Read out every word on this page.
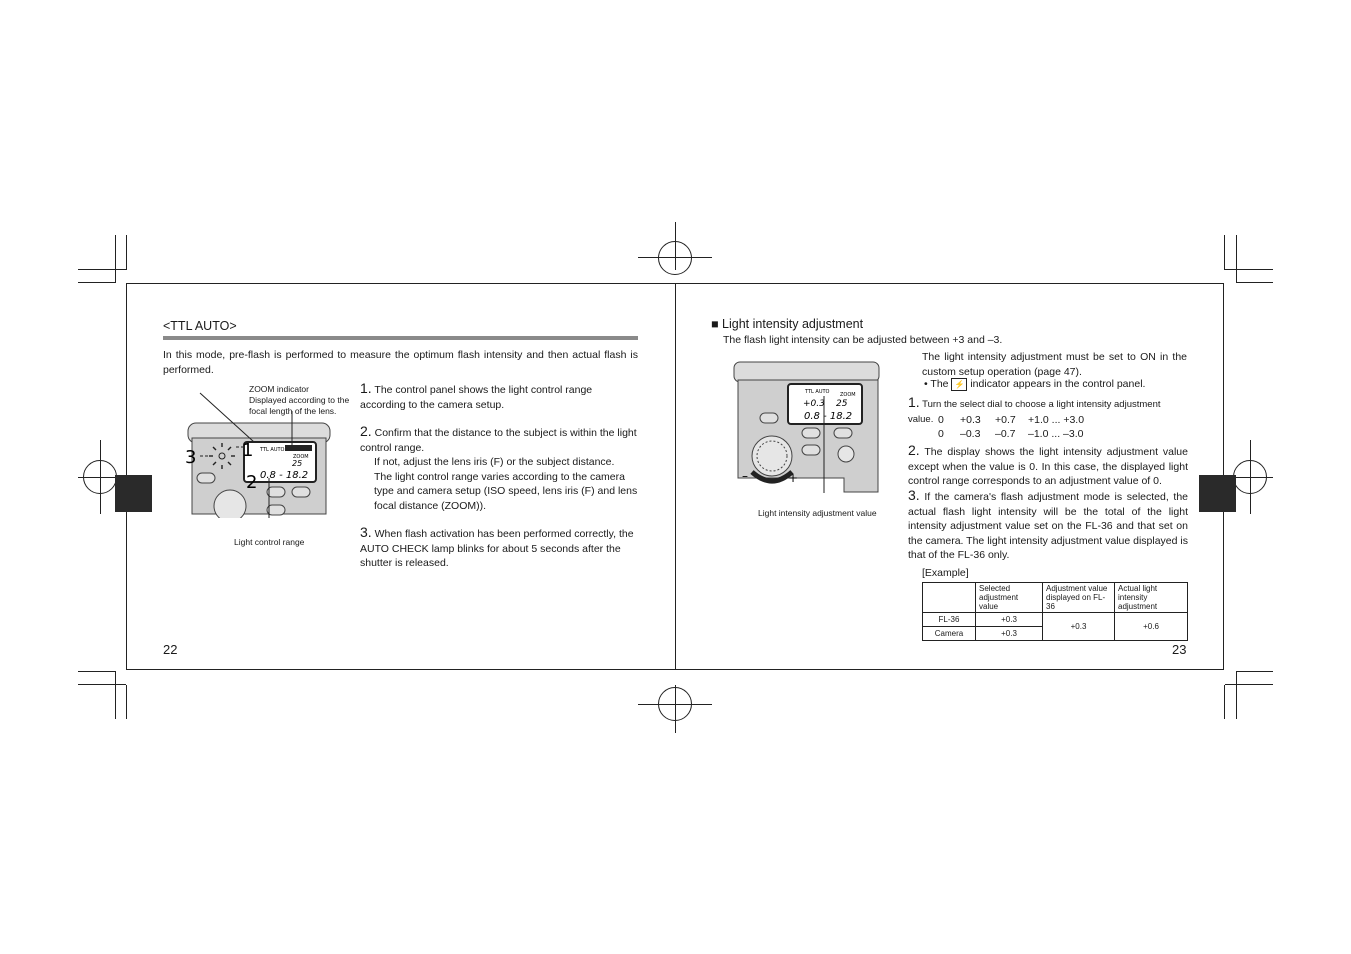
<TTL AUTO>
In this mode, pre-flash is performed to measure the optimum flash intensity and then actual flash is performed.
ZOOM indicator
Displayed according to the
focal length of the lens.
TTL AUTO
ZOOM
25
0.8 - 18.2
3	1
2
Light control range
1. The control panel shows the light control range according to the camera setup.
2. Confirm that the distance to the subject is within the light control range.
If not, adjust the lens iris (F) or the subject distance.
The light control range varies according to the camera type and camera setup (ISO speed, lens iris (F) and lens focal distance (ZOOM)).
3. When flash activation has been performed correctly, the AUTO CHECK lamp blinks for about 5 seconds after the shutter is released.
22
■ Light intensity adjustment
The flash light intensity can be adjusted between +3 and –3.
TTL AUTO ZOOM
+0.3 25
0.8 - 18.2
–	+
Light intensity adjustment value
The light intensity adjustment must be set to ON in the custom setup operation (page 47).
• The ⚡ indicator appears in the control panel.
1. Turn the select dial to choose a light intensity adjustment value. 0 +0.3 +0.7 +1.0 ... +3.0
0 –0.3 –0.7 –1.0 ... –3.0
2. The display shows the light intensity adjustment value except when the value is 0. In this case, the displayed light control range corresponds to an adjustment value of 0.
3. If the camera's flash adjustment mode is selected, the actual flash light intensity will be the total of the light intensity adjustment value set on the FL-36 and that set on the camera. The light intensity adjustment value displayed is that of the FL-36 only.
[Example]
	Selected adjustment value	Adjustment value displayed on FL-36	Actual light intensity adjustment
FL-36	+0.3	+0.3	+0.6
Camera	+0.3		
23
